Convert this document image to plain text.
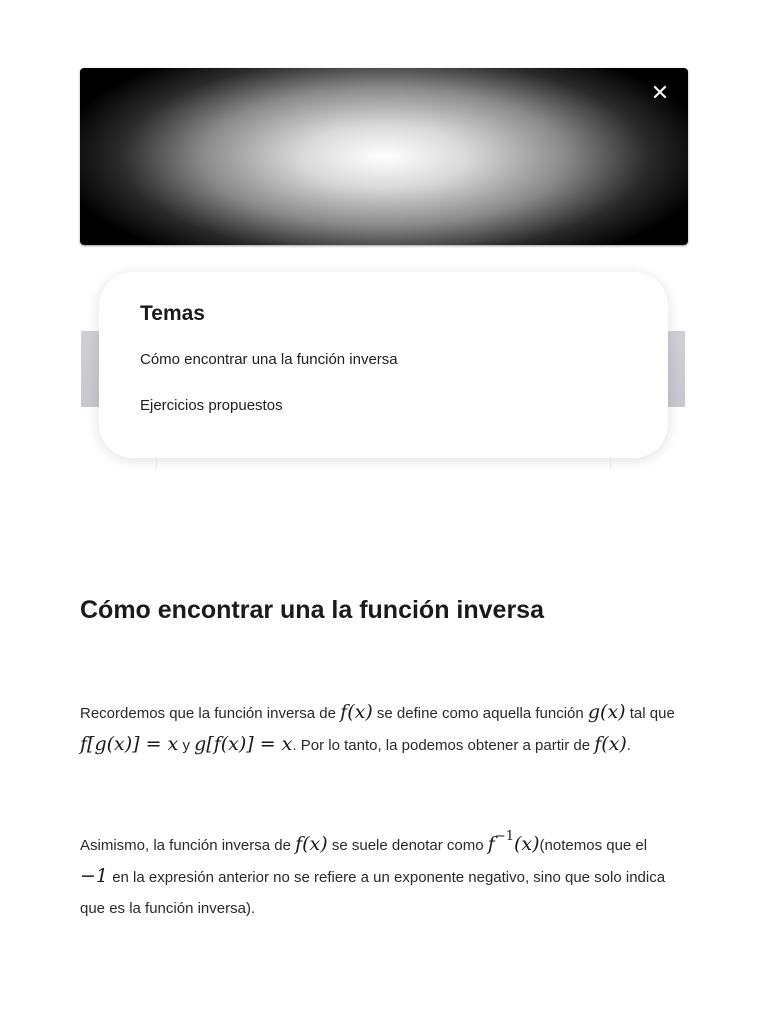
✕
Temas
Cómo encontrar una la función inversa
Ejercicios propuestos
Cómo encontrar una la función inversa

Recordemos que la función inversa de f(x) se define como aquella función g(x) tal que
f[g(x)] = x y g[f(x)] = x. Por lo tanto, la podemos obtener a partir de f(x).

Asimismo, la función inversa de f(x) se suele denotar como $f^{-1}(x)(notemos$ que el
−1 en la expresión anterior no se refiere a un exponente negativo, sino que solo indica que es la función inversa).
